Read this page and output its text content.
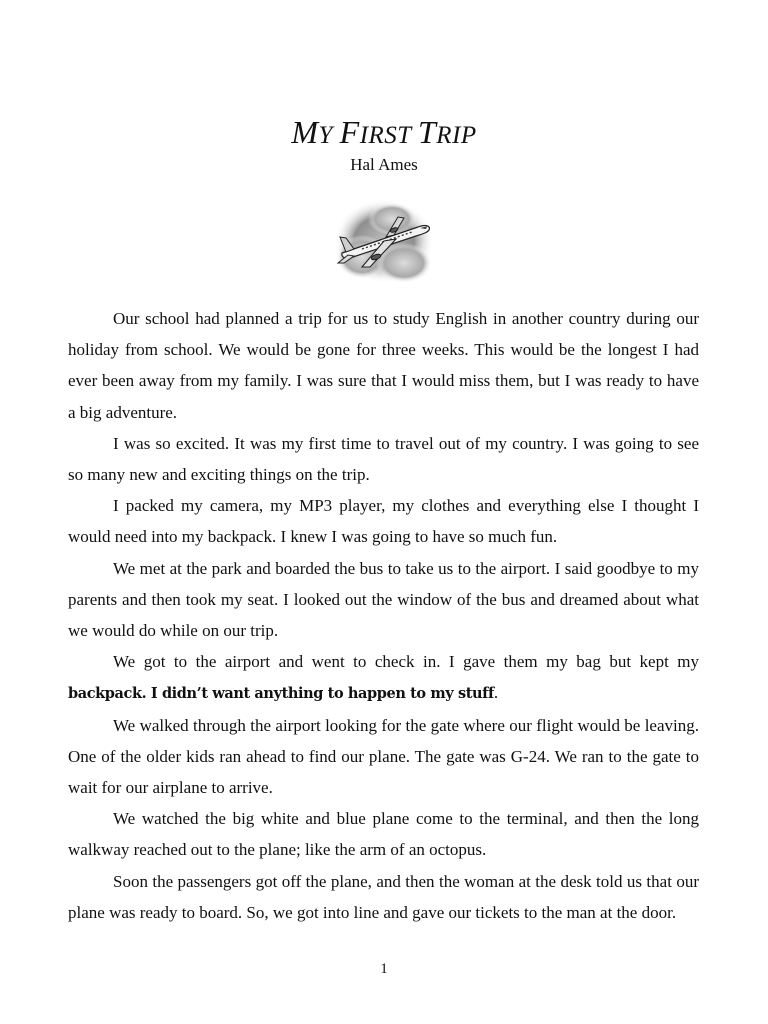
MY FIRST TRIP
Hal Ames

Our school had planned a trip for us to study English in another country during our holiday from school. We would be gone for three weeks. This would be the longest I had ever been away from my family. I was sure that I would miss them, but I was ready to have a big adventure.

I was so excited. It was my first time to travel out of my country. I was going to see so many new and exciting things on the trip.

I packed my camera, my MP3 player, my clothes and everything else I thought I would need into my backpack. I knew I was going to have so much fun.

We met at the park and boarded the bus to take us to the airport. I said goodbye to my parents and then took my seat. I looked out the window of the bus and dreamed about what we would do while on our trip.

We got to the airport and went to check in. I gave them my bag but kept my backpack. I didn’t want anything to happen to my stuff.

We walked through the airport looking for the gate where our flight would be leaving. One of the older kids ran ahead to find our plane. The gate was G-24. We ran to the gate to wait for our airplane to arrive.

We watched the big white and blue plane come to the terminal, and then the long walkway reached out to the plane; like the arm of an octopus.

Soon the passengers got off the plane, and then the woman at the desk told us that our plane was ready to board. So, we got into line and gave our tickets to the man at the door.

1
